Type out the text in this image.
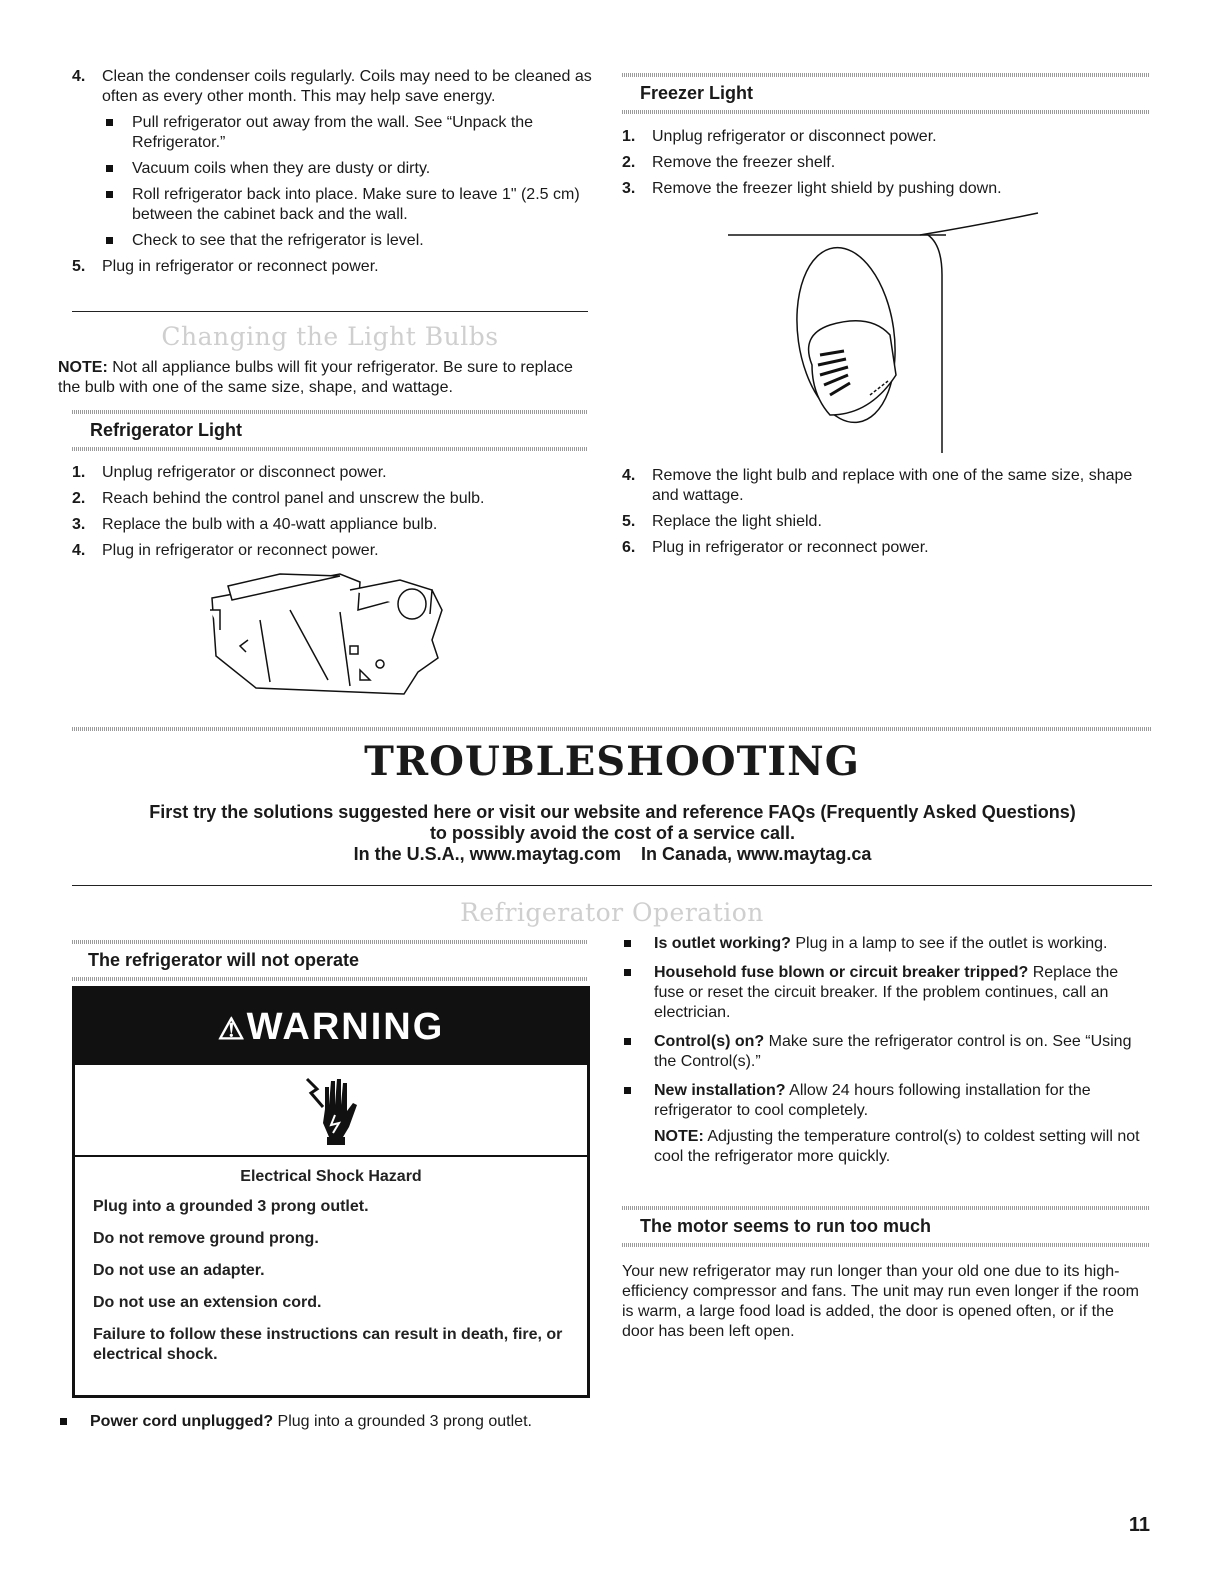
4. Clean the condenser coils regularly. Coils may need to be cleaned as often as every other month. This may help save energy.
Pull refrigerator out away from the wall. See “Unpack the Refrigerator.”
Vacuum coils when they are dusty or dirty.
Roll refrigerator back into place. Make sure to leave 1" (2.5 cm) between the cabinet back and the wall.
Check to see that the refrigerator is level.
5. Plug in refrigerator or reconnect power.
Changing the Light Bulbs
NOTE: Not all appliance bulbs will fit your refrigerator. Be sure to replace the bulb with one of the same size, shape, and wattage.
Refrigerator Light
1. Unplug refrigerator or disconnect power.
2. Reach behind the control panel and unscrew the bulb.
3. Replace the bulb with a 40-watt appliance bulb.
4. Plug in refrigerator or reconnect power.
Freezer Light
1. Unplug refrigerator or disconnect power.
2. Remove the freezer shelf.
3. Remove the freezer light shield by pushing down.
4. Remove the light bulb and replace with one of the same size, shape and wattage.
5. Replace the light shield.
6. Plug in refrigerator or reconnect power.
TROUBLESHOOTING
First try the solutions suggested here or visit our website and reference FAQs (Frequently Asked Questions)
to possibly avoid the cost of a service call.
In the U.S.A., www.maytag.com    In Canada, www.maytag.ca
Refrigerator Operation
The refrigerator will not operate
⚠WARNING
Electrical Shock Hazard
Plug into a grounded 3 prong outlet.
Do not remove ground prong.
Do not use an adapter.
Do not use an extension cord.
Failure to follow these instructions can result in death, fire, or electrical shock.
Power cord unplugged? Plug into a grounded 3 prong outlet.
Is outlet working? Plug in a lamp to see if the outlet is working.
Household fuse blown or circuit breaker tripped? Replace the fuse or reset the circuit breaker. If the problem continues, call an electrician.
Control(s) on? Make sure the refrigerator control is on. See “Using the Control(s).”
New installation? Allow 24 hours following installation for the refrigerator to cool completely.
NOTE: Adjusting the temperature control(s) to coldest setting will not cool the refrigerator more quickly.
The motor seems to run too much
Your new refrigerator may run longer than your old one due to its high-efficiency compressor and fans. The unit may run even longer if the room is warm, a large food load is added, the door is opened often, or if the door has been left open.
11
